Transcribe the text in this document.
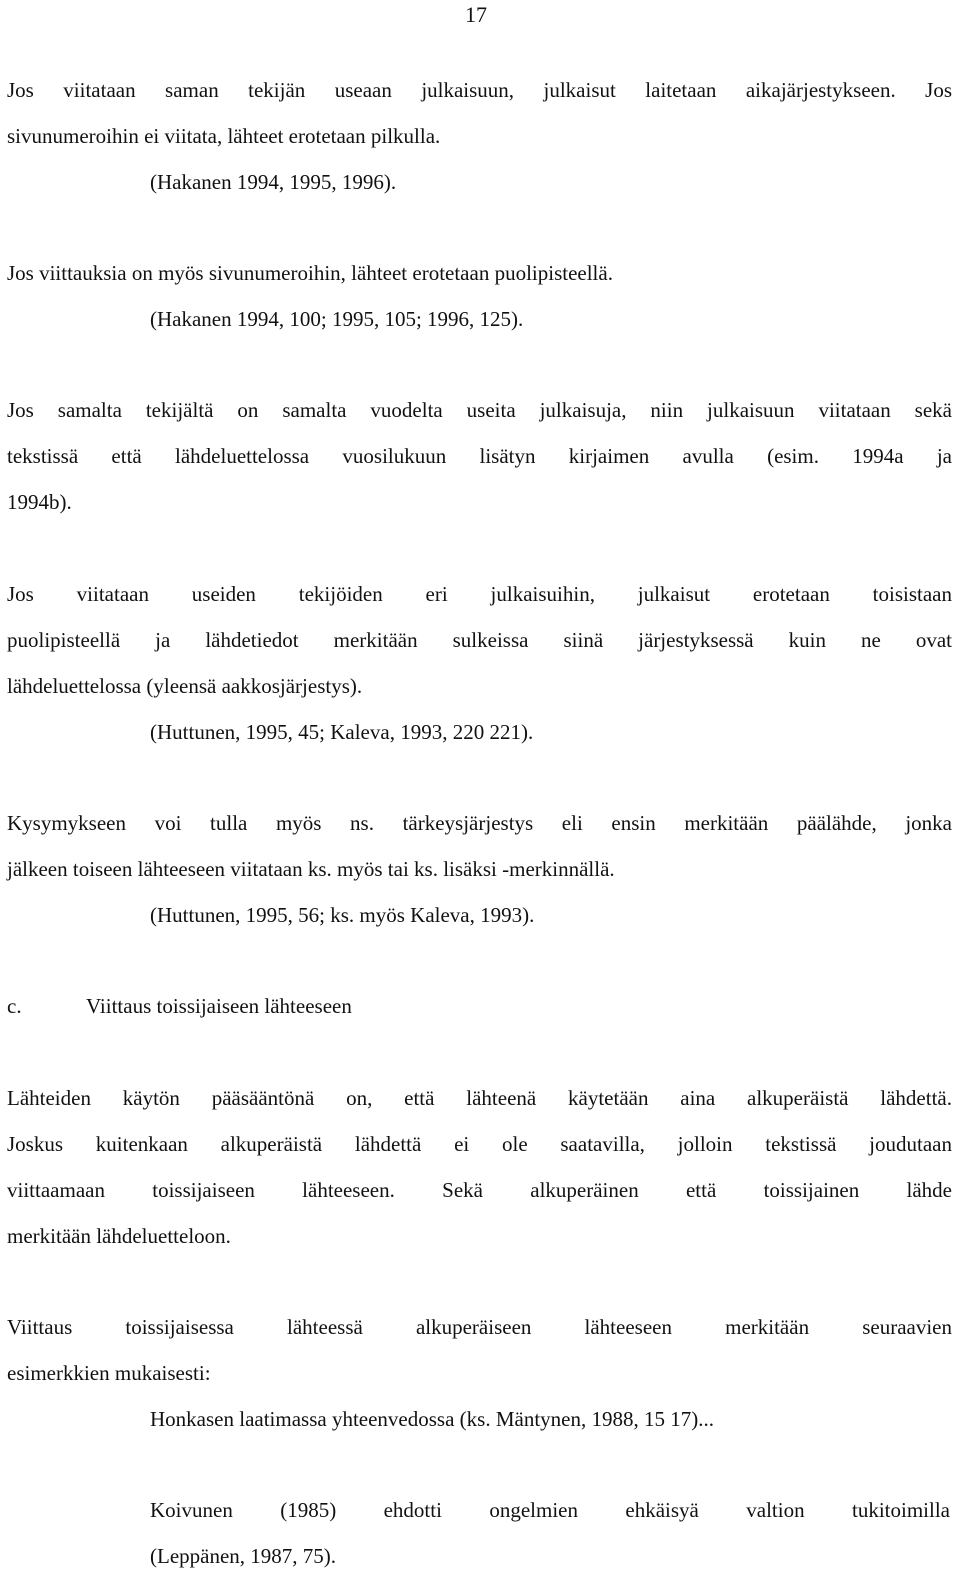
17
Jos viitataan saman tekijän useaan julkaisuun, julkaisut laitetaan aikajärjestykseen. Jos
sivunumeroihin ei viitata, lähteet erotetaan pilkulla.
(Hakanen 1994, 1995, 1996).
Jos viittauksia on myös sivunumeroihin, lähteet erotetaan puolipisteellä.
(Hakanen 1994, 100; 1995, 105; 1996, 125).
Jos samalta tekijältä on samalta vuodelta useita julkaisuja, niin julkaisuun viitataan sekä
tekstissä että lähdeluettelossa vuosilukuun lisätyn kirjaimen avulla (esim. 1994a ja
1994b).
Jos viitataan useiden tekijöiden eri julkaisuihin, julkaisut erotetaan toisistaan
puolipisteellä ja lähdetiedot merkitään sulkeissa siinä järjestyksessä kuin ne ovat
lähdeluettelossa (yleensä aakkosjärjestys).
(Huttunen, 1995, 45; Kaleva, 1993, 220 221).
Kysymykseen voi tulla myös ns. tärkeysjärjestys eli ensin merkitään päälähde, jonka
jälkeen toiseen lähteeseen viitataan ks. myös tai ks. lisäksi -merkinnällä.
(Huttunen, 1995, 56; ks. myös Kaleva, 1993).
c.	Viittaus toissijaiseen lähteeseen
Lähteiden käytön pääsääntönä on, että lähteenä käytetään aina alkuperäistä lähdettä.
Joskus kuitenkaan alkuperäistä lähdettä ei ole saatavilla, jolloin tekstissä joudutaan
viittaamaan toissijaiseen lähteeseen. Sekä alkuperäinen että toissijainen lähde
merkitään lähdeluetteloon.
Viittaus toissijaisessa lähteessä alkuperäiseen lähteeseen merkitään seuraavien
esimerkkien mukaisesti:
Honkasen laatimassa yhteenvedossa (ks. Mäntynen, 1988, 15 17)...
Koivunen (1985) ehdotti ongelmien ehkäisyä valtion tukitoimilla
(Leppänen, 1987, 75).
